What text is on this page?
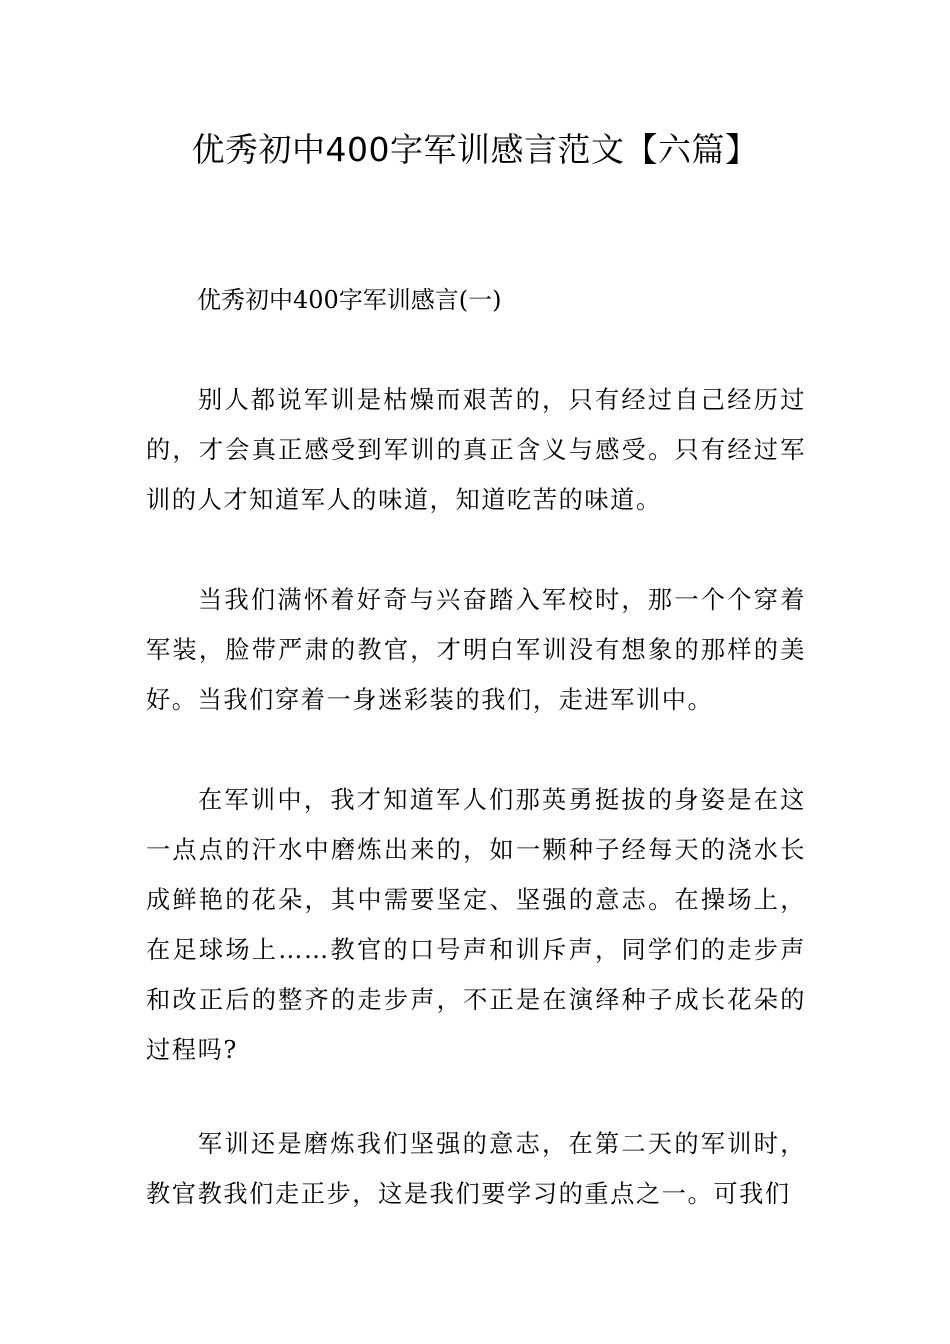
优秀初中400字军训感言范文【六篇】

优秀初中400字军训感言(一)

别人都说军训是枯燥而艰苦的，只有经过自己经历过的，才会真正感受到军训的真正含义与感受。只有经过军训的人才知道军人的味道，知道吃苦的味道。

当我们满怀着好奇与兴奋踏入军校时，那一个个穿着军装，脸带严肃的教官，才明白军训没有想象的那样的美好。当我们穿着一身迷彩装的我们，走进军训中。

在军训中，我才知道军人们那英勇挺拔的身姿是在这一点点的汗水中磨炼出来的，如一颗种子经每天的浇水长成鲜艳的花朵，其中需要坚定、坚强的意志。在操场上，在足球场上……教官的口号声和训斥声，同学们的走步声和改正后的整齐的走步声，不正是在演绎种子成长花朵的过程吗?

军训还是磨炼我们坚强的意志，在第二天的军训时，教官教我们走正步，这是我们要学习的重点之一。可我们
